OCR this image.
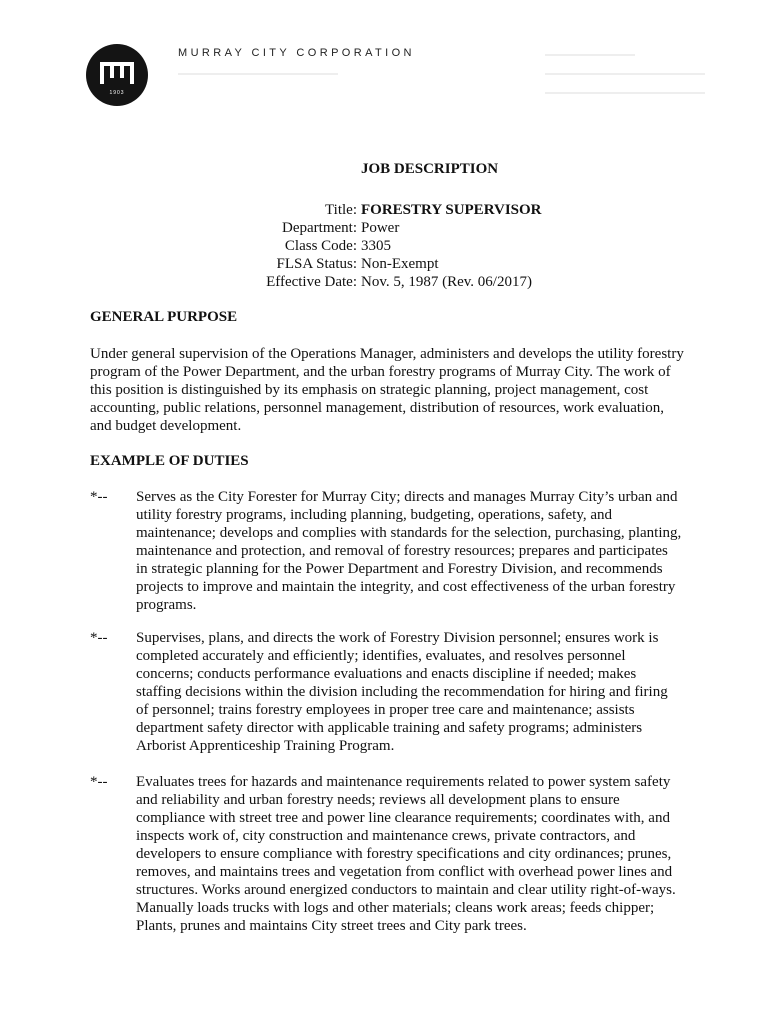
1903
MURRAY CITY CORPORATION
JOB DESCRIPTION
Title: FORESTRY SUPERVISOR
Department: Power
Class Code: 3305
FLSA Status: Non-Exempt
Effective Date: Nov. 5, 1987 (Rev. 06/2017)
GENERAL PURPOSE
Under general supervision of the Operations Manager, administers and develops the utility forestry program of the Power Department, and the urban forestry programs of Murray City. The work of this position is distinguished by its emphasis on strategic planning, project management, cost accounting, public relations, personnel management, distribution of resources, work evaluation, and budget development.
EXAMPLE OF DUTIES
*-- Serves as the City Forester for Murray City; directs and manages Murray City’s urban and utility forestry programs, including planning, budgeting, operations, safety, and maintenance; develops and complies with standards for the selection, purchasing, planting, maintenance and protection, and removal of forestry resources; prepares and participates in strategic planning for the Power Department and Forestry Division, and recommends projects to improve and maintain the integrity, and cost effectiveness of the urban forestry programs.
*-- Supervises, plans, and directs the work of Forestry Division personnel; ensures work is completed accurately and efficiently; identifies, evaluates, and resolves personnel concerns; conducts performance evaluations and enacts discipline if needed; makes staffing decisions within the division including the recommendation for hiring and firing of personnel; trains forestry employees in proper tree care and maintenance; assists department safety director with applicable training and safety programs; administers Arborist Apprenticeship Training Program.
*-- Evaluates trees for hazards and maintenance requirements related to power system safety and reliability and urban forestry needs; reviews all development plans to ensure compliance with street tree and power line clearance requirements; coordinates with, and inspects work of, city construction and maintenance crews, private contractors, and developers to ensure compliance with forestry specifications and city ordinances; prunes, removes, and maintains trees and vegetation from conflict with overhead power lines and structures. Works around energized conductors to maintain and clear utility right-of-ways. Manually loads trucks with logs and other materials; cleans work areas; feeds chipper; Plants, prunes and maintains City street trees and City park trees.
